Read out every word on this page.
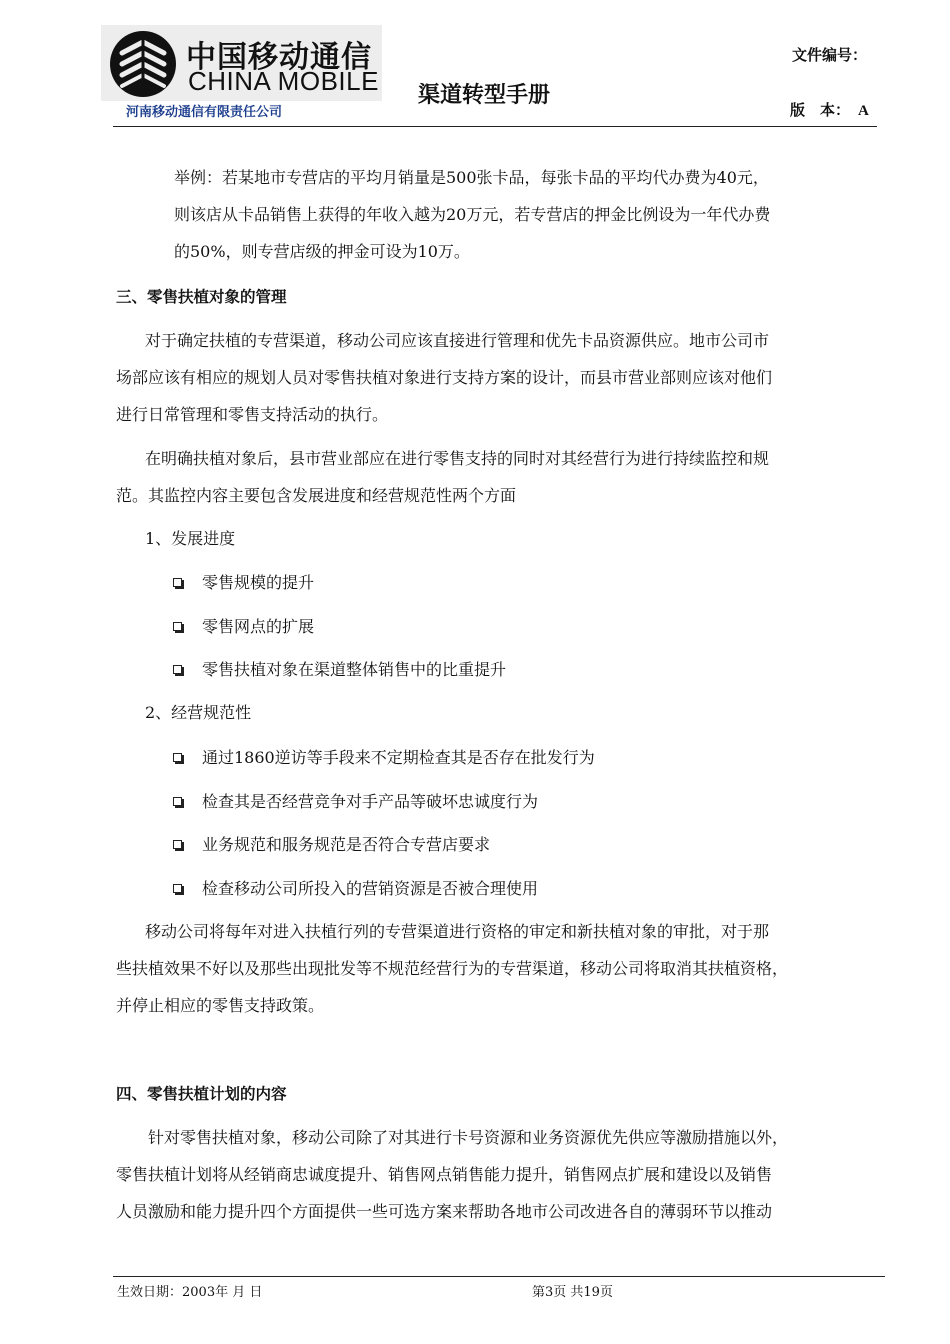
中国移动通信
CHINA MOBILE
河南移动通信有限责任公司
渠道转型手册
文件编号：
版　本： A
举例：若某地市专营店的平均月销量是500张卡品，每张卡品的平均代办费为40元，
则该店从卡品销售上获得的年收入越为20万元，若专营店的押金比例设为一年代办费
的50%，则专营店级的押金可设为10万。
三、零售扶植对象的管理
对于确定扶植的专营渠道，移动公司应该直接进行管理和优先卡品资源供应。地市公司市
场部应该有相应的规划人员对零售扶植对象进行支持方案的设计，而县市营业部则应该对他们
进行日常管理和零售支持活动的执行。
在明确扶植对象后，县市营业部应在进行零售支持的同时对其经营行为进行持续监控和规
范。其监控内容主要包含发展进度和经营规范性两个方面
1、发展进度
零售规模的提升
零售网点的扩展
零售扶植对象在渠道整体销售中的比重提升
2、经营规范性
通过1860逆访等手段来不定期检查其是否存在批发行为
检查其是否经营竞争对手产品等破坏忠诚度行为
业务规范和服务规范是否符合专营店要求
检查移动公司所投入的营销资源是否被合理使用
移动公司将每年对进入扶植行列的专营渠道进行资格的审定和新扶植对象的审批，对于那
些扶植效果不好以及那些出现批发等不规范经营行为的专营渠道，移动公司将取消其扶植资格，
并停止相应的零售支持政策。
四、零售扶植计划的内容
针对零售扶植对象，移动公司除了对其进行卡号资源和业务资源优先供应等激励措施以外，
零售扶植计划将从经销商忠诚度提升、销售网点销售能力提升，销售网点扩展和建设以及销售
人员激励和能力提升四个方面提供一些可选方案来帮助各地市公司改进各自的薄弱环节以推动
生效日期：2003年 月 日	第3页 共19页
